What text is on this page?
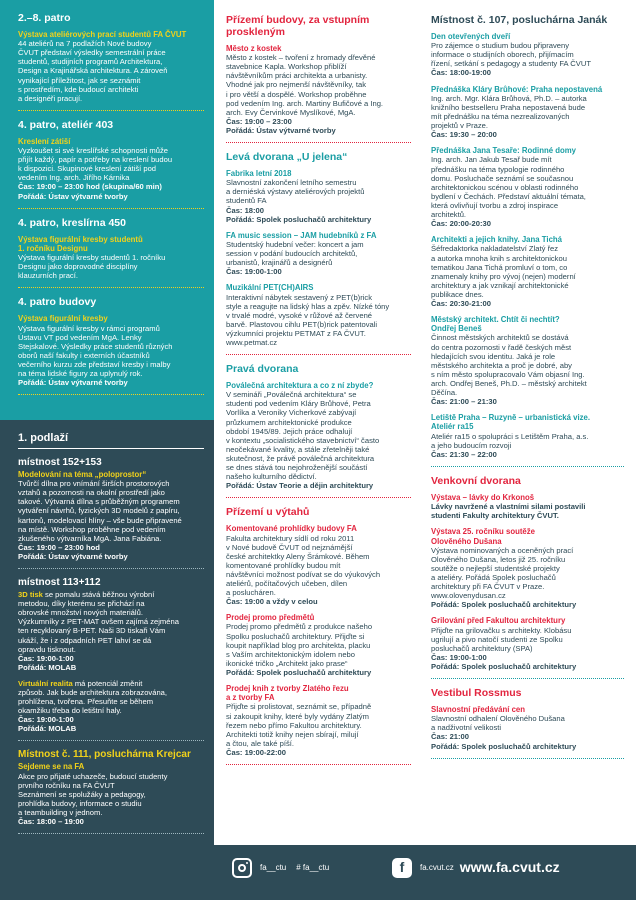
2.–8. patro
Výstava ateliérových prací studentů FA ČVUT
44 ateliérů na 7 podlažích Nové budovy
ČVUT představí výsledky semestrální práce
studentů, studijních programů Architektura,
Design a Krajinářská architektura. A zároveň
vynikající příležitost, jak se seznámit
s prostředím, kde budoucí architekti
a designéři pracují.
4. patro, ateliér 403
Kreslení zátiší
Vyzkoušet si své kreslířské schopnosti může
přijít každý, papír a potřeby na kreslení budou
k dispozici. Skupinové kreslení zátiší pod
vedením Ing. arch. Jiřího Kárnika
Čas: 19:00 – 23:00 hod (skupina/60 min)
Pořádá: Ústav výtvarné tvorby
4. patro, kreslírna 450
Výstava figurální kresby studentů
1. ročníku Designu
Výstava figurální kresby studentů 1. ročníku
Designu jako doprovodné disciplíny
klauzurních prací.
4. patro budovy
Výstava figurální kresby
Výstava figurální kresby v rámci programů
Ústavu VT pod vedením MgA. Lenky
Stejskalové. Výsledky práce studentů různých
oborů naší fakulty i externích účastníků
večerního kurzu zde představí kresby i malby
na téma lidské figury za uplynulý rok.
Pořádá: Ústav výtvarné tvorby
1. podlaží
místnost 152+153
Modelování na téma „poloprostor“
Tvůrčí dílna pro vnímání širších prostorových
vztahů a pozornosti na okolní prostředí jako
takové. Výtvarná dílna s průběžným programem
vytváření návrhů, fyzických 3D modelů z papíru,
kartonů, modelovací hlíny – vše bude připravené
na místě. Workshop proběhne pod vedením
zkušeného výtvarníka MgA. Jana Fabiána.
Čas: 19:00 – 23:00 hod
Pořádá: Ústav výtvarné tvorby
místnost 113+112
3D tisk se pomalu stává běžnou výrobní
metodou, díky kterému se přichází na
obrovské množství nových materiálů.
Výzkumníky z PET-MAT ovšem zajímá zejména
ten recyklovaný B-PET. Naši 3D tiskaři Vám
ukáží, že i z odpadních PET lahví se dá
opravdu tisknout.
Čas: 19:00-1:00
Pořádá: MOLAB
Virtuální realita má potenciál změnit
způsob. Jak bude architektura zobrazována,
prohlížena, tvořena. Přesuňte se během
okamžiku třeba do letištní haly.
Čas: 19:00-1:00
Pořádá: MOLAB
Místnost č. 111, posluchárna Krejcar
Sejdeme se na FA
Akce pro přijaté uchazeče, budoucí studenty
prvního ročníku na FA ČVUT
Seznámení se spolužáky a pedagogy,
prohlídka budovy, informace o studiu
a teambuilding v jednom.
Čas: 18:00 – 19:00
Přízemí budovy, za vstupním proskleným
Město z kostek
Město z kostek – tvoření z hromady dřevěné
stavebnice Kapla. Workshop přiblíží
návštěvníkům práci architekta a urbanisty.
Vhodné jak pro nejmenší návštěvníky, tak
i pro větší a dospělé. Workshop proběhne
pod vedením Ing. arch. Martiny Bufičové a Ing.
arch. Evy Červinkové Myslíkové, MgA.
Čas: 19:00 – 23:00
Pořádá: Ústav výtvarné tvorby
Levá dvorana „U jelena“
Fabrika letní 2018
Slavnostní zakončení letního semestru
a derniéská výstavy ateliérových projektů
studentů FA
Čas: 18:00
Pořádá: Spolek posluchačů architektury
FA music session – JAM hudebníků z FA
Studentský hudební večer: koncert a jam
session v podání budoucích architektů,
urbanistů, krajinářů a designérů
Čas: 19:00-1:00
Muzikální PET(CH)AIRS
Interaktivní nábytek sestavený z PET(b)rick
style a reagujte na lidský hlas a zpěv. Nízké tóny
v trvalé modré, vysoké v růžové až červené
barvě. Plastovou cihlu PET(b)rick patentovali
výzkumníci projektu PETMAT z FA ČVUT.
www.petmat.cz
Pravá dvorana
Poválečná architektura a co z ní zbyde?
V semináři „Poválečná architektura“ se
studenti pod vedením Kláry Brůhové, Petra
Vorlíka a Veroniky Vicherkové zabývají
průzkumem architektonické produkce
období 1945/89. Jejich práce odhalují
v kontextu „socialistického stavebnictví“ často
neočekávané kvality, a stále zřetelněji také
skutečnost, že právě poválečná architektura
se dnes stává tou nejohroženější součástí
našeho kulturního dědictví.
Pořádá: Ústav Teorie a dějin architektury
Přízemí u výtahů
Komentované prohlídky budovy FA
Fakulta architektury sídlí od roku 2011
v Nové budově ČVUT od nejznámější
české architektky Aleny Šrámkové. Během
komentované prohlídky budou mít
návštěvníci možnost podívat se do výukových
ateliérů, počítačových učeben, dílen
a poslucháren.
Čas: 19:00 a vždy v celou
Prodej promo předmětů
Prodej promo předmětů z produkce našeho
Spolku posluchačů architektury. Přijďte si
koupit například blog pro architekta, placku
s Vaším architektonickým idolem nebo
ikonické tričko „Architekt jako prase“
Pořádá: Spolek posluchačů architektury
Prodej knih z tvorby Zlatého řezu
a z tvorby FA
Přijďte si prolistovat, seznámit se, případně
si zakoupit knihy, které byly vydány Zlatým
řezem nebo přímo Fakultou architektury.
Architekti totiž knihy nejen sbírají, milují
a čtou, ale také píší.
Čas: 19:00-22:00
Místnost č. 107, posluchárna Janák
Den otevřených dveří
Pro zájemce o studium budou připraveny
informace o studijních oborech, přijímacím
řízení, setkání s pedagogy a studenty FA ČVUT
Čas: 18:00-19:00
Přednáška Kláry Brůhové: Praha nepostavená
Ing. arch. Mgr. Klára Brůhová, Ph.D. – autorka
knižního bestselleru Praha nepostavená bude
mít přednášku na téma nezrealizovaných
projektů v Praze.
Čas: 19:30 – 20:00
Přednáška Jana Tesaře: Rodinné domy
Ing. arch. Jan Jakub Tesař bude mít
přednášku na téma typologie rodinného
domu. Posluchače seznámí se současnou
architektonickou scénou v oblasti rodinného
bydlení v Čechách. Představí aktuální témata,
která ovlivňují tvorbu a zdroj inspirace
architektů.
Čas: 20:00-20:30
Architekti a jejich knihy. Jana Tichá
Šéfredaktorka nakladatelství Zlatý řez
a autorka mnoha knih s architektonickou
tematikou Jana Tichá promluví o tom, co
znamenaly knihy pro vývoj (nejen) moderní
architektury a jak vznikají architektonické
publikace dnes.
Čas: 20:30-21:00
Městský architekt. Chtít či nechtít?
Ondřej Beneš
Činnost městských architektů se dostává
do centra pozornosti v řadě českých měst
hledajících svou identitu. Jaká je role
městského architekta a proč je dobré, aby
s ním město spolupracovalo Vám objasní Ing.
arch. Ondřej Beneš, Ph.D. – městský architekt
Děčína.
Čas: 21:00 – 21:30
Letiště Praha – Ruzyně – urbanistická vize.
Ateliér ra15
Ateliér ra15 o spolupráci s Letištěm Praha, a.s.
a jeho budoucím rozvoji
Čas: 21:30 – 22:00
Venkovní dvorana
Výstava – lávky do Krkonoš
Lávky navržené a vlastními silami postavili
studenti Fakulty architektury ČVUT.
Výstava 25. ročníku soutěže
Olověného Dušana
Výstava nominovaných a oceněných prací
Olověného Dušana, letos již 25. ročníku
soutěže o nejlepší studentské projekty
a ateliéry. Pořádá Spolek posluchačů
architektury při FA ČVUT v Praze.
www.olovenydusan.cz
Pořádá: Spolek posluchačů architektury
Grilování před Fakultou architektury
Přijďte na grilovačku s architekty. Klobásu
ugrilují a pivo natočí studenti ze Spolku
posluchačů architektury (SPA)
Čas: 19:00-1:00
Pořádá: Spolek posluchačů architektury
Vestibul Rossmus
Slavnostní předávání cen
Slavnostní odhalení Olověného Dušana
a nadživotní velikosti
Čas: 21:00
Pořádá: Spolek posluchačů architektury
fa__ctu # fa__ctu	f	fa.cvut.cz www.fa.cvut.cz
